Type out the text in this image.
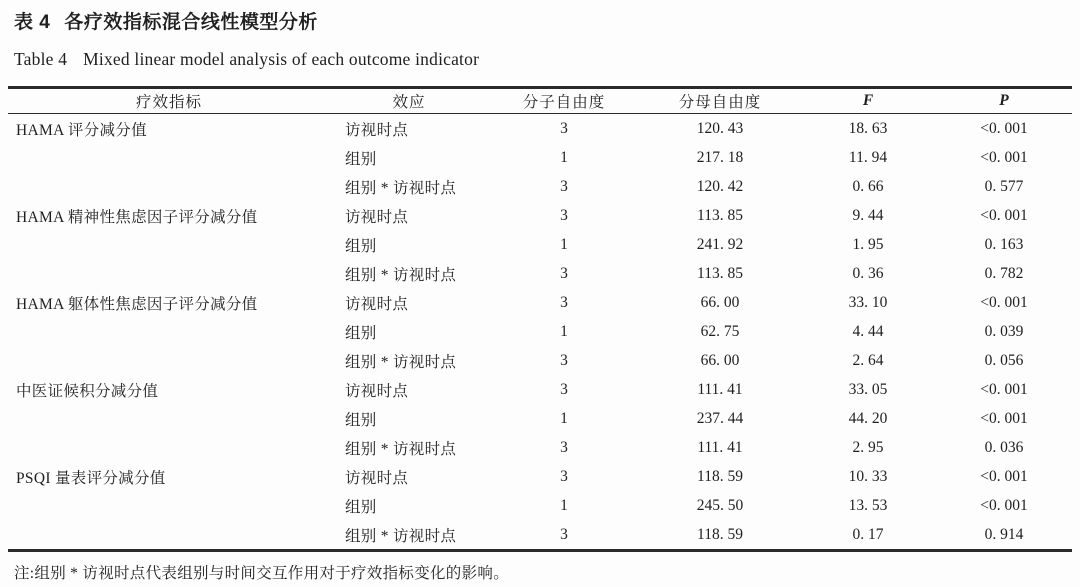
表 4 各疗效指标混合线性模型分析
Table 4 Mixed linear model analysis of each outcome indicator
疗效指标	效应	分子自由度	分母自由度	F	P
HAMA 评分减分值	访视时点	3	120. 43	18. 63	<0. 001
	组别	1	217. 18	11. 94	<0. 001
	组别 * 访视时点	3	120. 42	0. 66	0. 577
HAMA 精神性焦虑因子评分减分值	访视时点	3	113. 85	9. 44	<0. 001
	组别	1	241. 92	1. 95	0. 163
	组别 * 访视时点	3	113. 85	0. 36	0. 782
HAMA 躯体性焦虑因子评分减分值	访视时点	3	66. 00	33. 10	<0. 001
	组别	1	62. 75	4. 44	0. 039
	组别 * 访视时点	3	66. 00	2. 64	0. 056
中医证候积分减分值	访视时点	3	111. 41	33. 05	<0. 001
	组别	1	237. 44	44. 20	<0. 001
	组别 * 访视时点	3	111. 41	2. 95	0. 036
PSQI 量表评分减分值	访视时点	3	118. 59	10. 33	<0. 001
	组别	1	245. 50	13. 53	<0. 001
	组别 * 访视时点	3	118. 59	0. 17	0. 914
注:组别 * 访视时点代表组别与时间交互作用对于疗效指标变化的影响。
